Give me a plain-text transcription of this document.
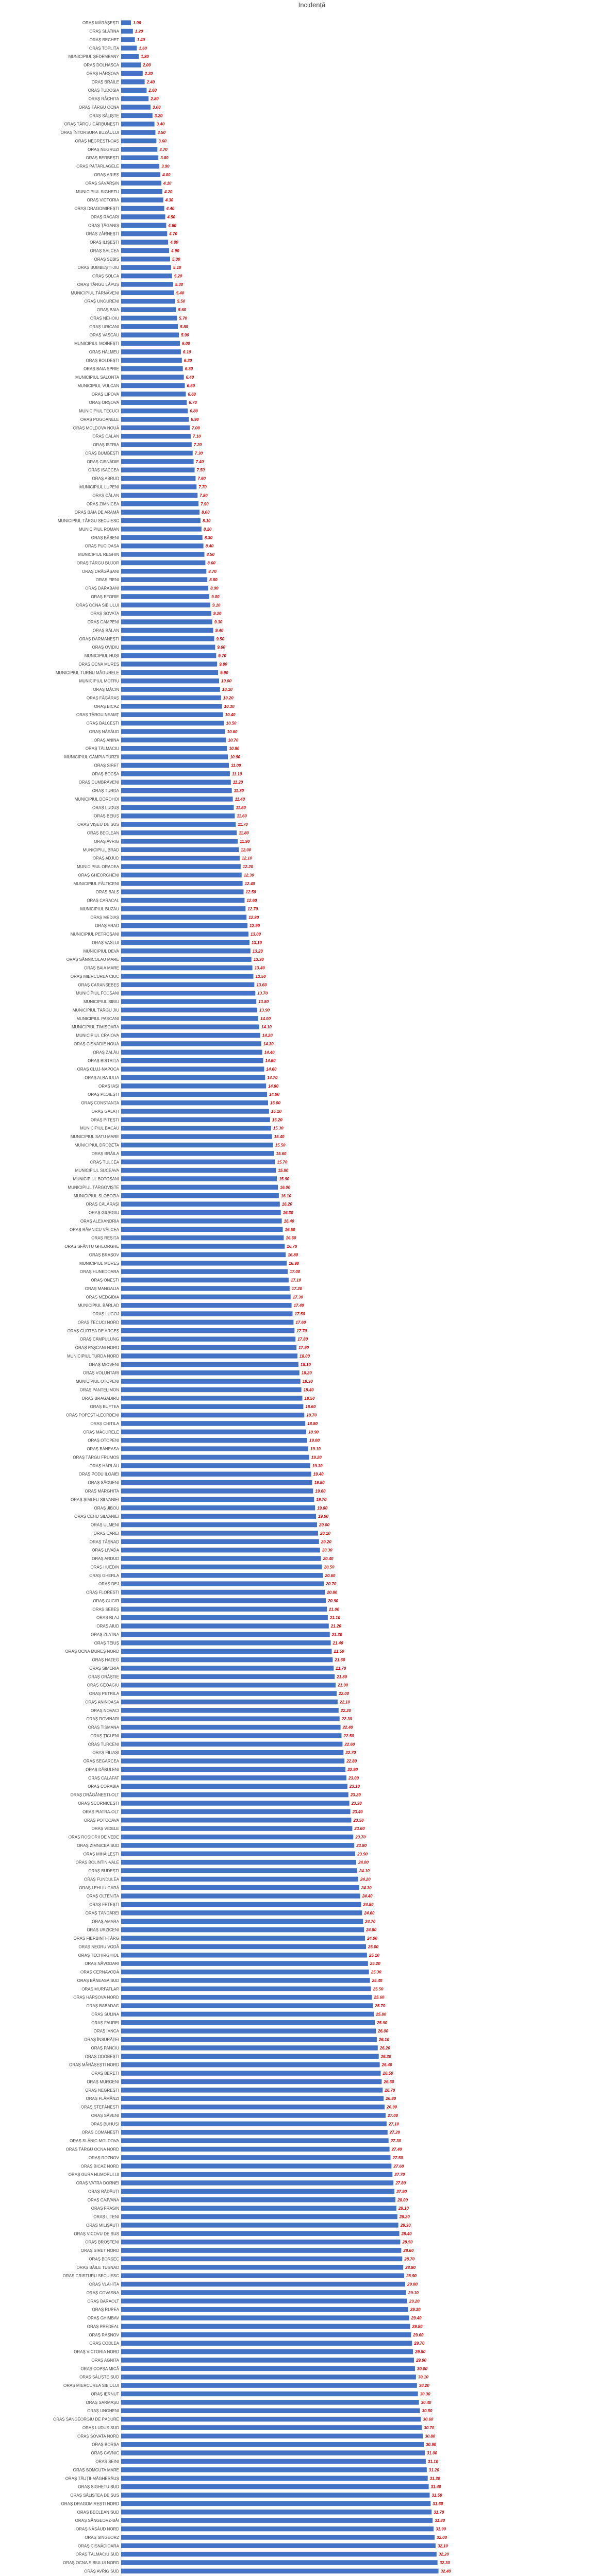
Incidență
ORAȘ MĂRĂȘEȘTI
ORAȘ SLATINA
ORAȘ BECHET
ORAȘ TOPLIȚA
MUNICIPIUL ȘEDEMBANY
ORAȘ DOLHASCA
ORAȘ HÂRȘOVA
ORAȘ BRĂILE
ORAȘ TUDOSIA
ORAȘ RĂCHITA
ORAȘ TĂRGU OCNA
ORAȘ SÂLIȘTE
ORAȘ TÂRGU CĂRBUNEȘTI
ORAȘ ÎNTORSURA BUZĂULUI
ORAȘ NEGREȘTI-OAȘ
ORAȘ NEGRUZI
ORAȘ BERBEȘTI
ORAȘ PÂTÂRLAGELE
ORAȘ ARIEȘ
ORAȘ SĂVÂRȘIN
MUNICIPIUL SIGHETU
ORAȘ VICTORIA
ORAȘ DRAGOMIREȘTI
ORAȘ RĂCARI
ORAȘ ȚĂGANIȘ
ORAȘ ZĂRNEȘTI
ORAȘ ILIȘEȘTI
ORAȘ SALCEA
ORAȘ SEBIȘ
ORAȘ BUMBEȘTI-JIU
ORAȘ SOLCA
ORAȘ TÂRGU LĂPUȘ
MUNICIPIUL TÂRNĂVENI
ORAȘ UNGURENI
ORAȘ BAIA
ORAȘ NEHOIU
ORAȘ URICANI
ORAȘ VAȘCĂU
MUNICIPIUL MOINEȘTI
ORAȘ HĂLMEU
ORAȘ BOLDEȘTI
ORAȘ BAIA SPRIE
MUNICIPIUL SALONTA
MUNICIPIUL VULCAN
ORAȘ LIPOVA
ORAȘ ORȘOVA
MUNICIPIUL TECUCI
ORAȘ POGOANELE
ORAȘ MOLDOVA NOUĂ
ORAȘ CALAN
ORAȘ ISTRIA
ORAȘ BUMBEȘTI
ORAȘ CISNĂDIE
ORAȘ ISACCEA
ORAȘ ABRUD
MUNICIPIUL LUPENI
ORAȘ CĂLAN
ORAȘ ZIMNICEA
ORAȘ BAIA DE ARAMĂ
MUNICIPIUL TÂRGU SECUIESC
MUNICIPIUL ROMAN
ORAȘ BĂBENI
ORAȘ PUCIOASA
MUNICIPIUL REGHIN
ORAȘ TÂRGU BUJOR
ORAȘ DRĂGĂȘANI
ORAȘ FIENI
ORAȘ DARABANI
ORAȘ EFORIE
ORAȘ OCNA SIBIULUI
ORAȘ SOVATA
ORAȘ CÂMPENI
ORAȘ BĂLAN
ORAȘ DĂRMĂNEȘTI
ORAȘ OVIDIU
MUNICIPIUL HUȘI
ORAȘ OCNA MUREȘ
MUNICIPIUL TURNU MĂGURELE
MUNICIPIUL MOTRU
ORAȘ MĂCIN
ORAȘ FĂGĂRAȘ
ORAȘ BICAZ
ORAȘ TÂRGU NEAMȚ
ORAȘ BĂLCEȘTI
ORAȘ NĂSĂUD
ORAȘ ANINA
ORAȘ TĂLMACIU
MUNICIPIUL CÂMPIA TURZII
ORAȘ SIRET
ORAȘ BOCȘA
ORAȘ DUMBRĂVENI
ORAȘ TURDA
MUNICIPIUL DOROHOI
ORAȘ LUDUȘ
ORAȘ BEIUȘ
ORAȘ VIȘEU DE SUS
ORAȘ BECLEAN
ORAȘ AVRIG
MUNICIPIUL BRAD
ORAȘ ADJUD
MUNICIPIUL ORADEA
ORAȘ GHEORGHENI
MUNICIPIUL FĂLTICENI
ORAȘ BALȘ
ORAȘ CARACAL
MUNICIPIUL BUZĂU
ORAȘ MEDIAȘ
ORAȘ ARAD
MUNICIPIUL PETROȘANI
ORAȘ VASLUI
MUNICIPIUL DEVA
ORAȘ SÂNNICOLAU MARE
ORAȘ BAIA MARE
ORAȘ MIERCUREA CIUC
ORAȘ CARANSEBEȘ
MUNICIPIUL FOCȘANI
MUNICIPIUL SIBIU
MUNICIPIUL TÂRGU JIU
MUNICIPIUL PAȘCANI
MUNICIPIUL TIMIȘOARA
MUNICIPIUL CRAIOVA
ORAȘ CISNĂDIE NOUĂ
ORAȘ ZALĂU
ORAȘ BISTRIȚA
ORAȘ CLUJ-NAPOCA
ORAȘ ALBA IULIA
ORAȘ IAȘI
ORAȘ PLOIEȘTI
ORAȘ CONSTANȚA
ORAȘ GALAȚI
ORAȘ PITEȘTI
MUNICIPIUL BACĂU
MUNICIPIUL SATU MARE
MUNICIPIUL DROBETA
ORAȘ BRĂILA
ORAȘ TULCEA
MUNICIPIUL SUCEAVA
MUNICIPIUL BOTOȘANI
MUNICIPIUL TÂRGOVIȘTE
MUNICIPIUL SLOBOZIA
ORAȘ CĂLĂRAȘI
ORAȘ GIURGIU
ORAȘ ALEXANDRIA
ORAȘ RÂMNICU VÂLCEA
ORAȘ REȘIȚA
ORAȘ SFÂNTU GHEORGHE
ORAȘ BRAȘOV
MUNICIPIUL MUREȘ
ORAȘ HUNEDOARA
ORAȘ ONEȘTI
ORAȘ MANGALIA
ORAȘ MEDGIDIA
MUNICIPIUL BÂRLAD
ORAȘ LUGOJ
ORAȘ TECUCI NORD
ORAȘ CURTEA DE ARGEȘ
ORAȘ CÂMPULUNG
ORAȘ PAȘCANI NORD
MUNICIPIUL TURDA NORD
ORAȘ MIOVENI
ORAȘ VOLUNTARI
MUNICIPIUL OTOPENI
ORAȘ PANTELIMON
ORAȘ BRAGADIRU
ORAȘ BUFTEA
ORAȘ POPEȘTI-LEORDENI
ORAȘ CHITILA
ORAȘ MĂGURELE
ORAȘ OTOPENI
ORAȘ BĂNEASA
ORAȘ TÂRGU FRUMOS
ORAȘ HÂRLĂU
ORAȘ PODU ILOAIEI
ORAȘ SĂCUENI
ORAȘ MARGHITA
ORAȘ ȘIMLEU SILVANIEI
ORAȘ JIBOU
ORAȘ CEHU SILVANIEI
ORAȘ ULMENI
ORAȘ CAREI
ORAȘ TĂȘNAD
ORAȘ LIVADA
ORAȘ ARDUD
ORAȘ HUEDIN
ORAȘ GHERLA
ORAȘ DEJ
ORAȘ FLORESTI
ORAȘ CUGIR
ORAȘ SEBEȘ
ORAȘ BLAJ
ORAȘ AIUD
ORAȘ ZLATNA
ORAȘ TEIUȘ
ORAȘ OCNA MUREȘ NORD
ORAȘ HAȚEG
ORAȘ SIMERIA
ORAȘ ORĂȘTIE
ORAȘ GEOAGIU
ORAȘ PETRILA
ORAȘ ANINOASA
ORAȘ NOVACI
ORAȘ ROVINARI
ORAȘ TISMANA
ORAȘ ȚICLENI
ORAȘ TURCENI
ORAȘ FILIAȘI
ORAȘ SEGARCEA
ORAȘ DĂBULENI
ORAȘ CALAFAT
ORAȘ CORABIA
ORAȘ DRĂGĂNEȘTI-OLT
ORAȘ SCORNICEȘTI
ORAȘ PIATRA-OLT
ORAȘ POTCOAVA
ORAȘ VIDELE
ORAȘ ROȘIORII DE VEDE
ORAȘ ZIMNICEA SUD
ORAȘ MIHĂILEȘTI
ORAȘ BOLINTIN-VALE
ORAȘ BUDEȘTI
ORAȘ FUNDULEA
ORAȘ LEHLIU GARĂ
ORAȘ OLTENIȚA
ORAȘ FETEȘTI
ORAȘ ȚĂNDĂREI
ORAȘ AMARA
ORAȘ URZICENI
ORAȘ FIERBINȚI-TÂRG
ORAȘ NEGRU VODĂ
ORAȘ TECHIRGHIOL
ORAȘ NĂVODARI
ORAȘ CERNAVODĂ
ORAȘ BĂNEASA SUD
ORAȘ MURFATLAR
ORAȘ HÂRȘOVA NORD
ORAȘ BABADAG
ORAȘ SULINA
ORAȘ FAUREI
ORAȘ IANCA
ORAȘ ÎNSURĂȚEI
ORAȘ PANCIU
ORAȘ ODOBEȘTI
ORAȘ MĂRĂȘEȘTI NORD
ORAȘ BERETI
ORAȘ MURGENI
ORAȘ NEGREȘTI
ORAȘ FLĂMÂNZI
ORAȘ ȘTEFĂNEȘTI
ORAȘ SĂVENI
ORAȘ BUHUȘI
ORAȘ COMĂNEȘTI
ORAȘ SLĂNIC-MOLDOVA
ORAȘ TÂRGU OCNA NORD
ORAȘ ROZNOV
ORAȘ BICAZ NORD
ORAȘ GURA HUMORULUI
ORAȘ VATRA DORNEI
ORAȘ RĂDĂUȚI
ORAȘ CAJVANA
ORAȘ FRASIN
ORAȘ LITENI
ORAȘ MILIȘĂUȚI
ORAȘ VICOVU DE SUS
ORAȘ BROȘTENI
ORAȘ SIRET NORD
ORAȘ BORSEC
ORAȘ BĂILE TUȘNAD
ORAȘ CRISTURU SECUIESC
ORAȘ VLĂHIȚA
ORAȘ COVASNA
ORAȘ BARAOLT
ORAȘ RUPEA
ORAȘ GHIMBAV
ORAȘ PREDEAL
ORAȘ RÂȘNOV
ORAȘ CODLEA
ORAȘ VICTORIA NORD
ORAȘ AGNITA
ORAȘ COPȘA MICĂ
ORAȘ SĂLIȘTE SUD
ORAȘ MIERCUREA SIBIULUI
ORAȘ IERNUT
ORAȘ SARMAȘU
ORAȘ UNGHENI
ORAȘ SÂNGEORGIU DE PĂDURE
ORAȘ LUDUȘ SUD
ORAȘ SOVATA NORD
ORAȘ BORSA
ORAȘ CAVNIC
ORAȘ SEINI
ORAȘ SOMCUTA MARE
ORAȘ TÂUȚII-MĂGHERĂUȘ
ORAȘ SIGHETU SUD
ORAȘ SĂLIȘTEA DE SUS
ORAȘ DRAGOMIREȘTI NORD
ORAȘ BECLEAN SUD
ORAȘ SÂNGEORZ-BĂI
ORAȘ NĂSĂUD NORD
ORAȘ SINGEORZ
ORAȘ CISNĂDIOARA
ORAȘ TĂLMACIU SUD
ORAȘ OCNA SIBIULUI NORD
ORAȘ AVRIG SUD
1.00
1.20
1.40
1.60
1.80
2.00
2.20
2.40
2.60
2.80
3.00
3.20
3.40
3.50
3.60
3.70
3.80
3.90
4.00
4.10
4.20
4.30
4.40
4.50
4.60
4.70
4.80
4.90
5.00
5.10
5.20
5.30
5.40
5.50
5.60
5.70
5.80
5.90
6.00
6.10
6.20
6.30
6.40
6.50
6.60
6.70
6.80
6.90
7.00
7.10
7.20
7.30
7.40
7.50
7.60
7.70
7.80
7.90
8.00
8.10
8.20
8.30
8.40
8.50
8.60
8.70
8.80
8.90
9.00
9.10
9.20
9.30
9.40
9.50
9.60
9.70
9.80
9.90
10.00
10.10
10.20
10.30
10.40
10.50
10.60
10.70
10.80
10.90
11.00
11.10
11.20
11.30
11.40
11.50
11.60
11.70
11.80
11.90
12.00
12.10
12.20
12.30
12.40
12.50
12.60
12.70
12.80
12.90
13.00
13.10
13.20
13.30
13.40
13.50
13.60
13.70
13.80
13.90
14.00
14.10
14.20
14.30
14.40
14.50
14.60
14.70
14.80
14.90
15.00
15.10
15.20
15.30
15.40
15.50
15.60
15.70
15.80
15.90
16.00
16.10
16.20
16.30
16.40
16.50
16.60
16.70
16.80
16.90
17.00
17.10
17.20
17.30
17.40
17.50
17.60
17.70
17.80
17.90
18.00
18.10
18.20
18.30
18.40
18.50
18.60
18.70
18.80
18.90
19.00
19.10
19.20
19.30
19.40
19.50
19.60
19.70
19.80
19.90
20.00
20.10
20.20
20.30
20.40
20.50
20.60
20.70
20.80
20.90
21.00
21.10
21.20
21.30
21.40
21.50
21.60
21.70
21.80
21.90
22.00
22.10
22.20
22.30
22.40
22.50
22.60
22.70
22.80
22.90
23.00
23.10
23.20
23.30
23.40
23.50
23.60
23.70
23.80
23.90
24.00
24.10
24.20
24.30
24.40
24.50
24.60
24.70
24.80
24.90
25.00
25.10
25.20
25.30
25.40
25.50
25.60
25.70
25.80
25.90
26.00
26.10
26.20
26.30
26.40
26.50
26.60
26.70
26.80
26.90
27.00
27.10
27.20
27.30
27.40
27.50
27.60
27.70
27.80
27.90
28.00
28.10
28.20
28.30
28.40
28.50
28.60
28.70
28.80
28.90
29.00
29.10
29.20
29.30
29.40
29.50
29.60
29.70
29.80
29.90
30.00
30.10
30.20
30.30
30.40
30.50
30.60
30.70
30.80
30.90
31.00
31.10
31.20
31.30
31.40
31.50
31.60
31.70
31.80
31.90
32.00
32.10
32.20
32.30
32.40
